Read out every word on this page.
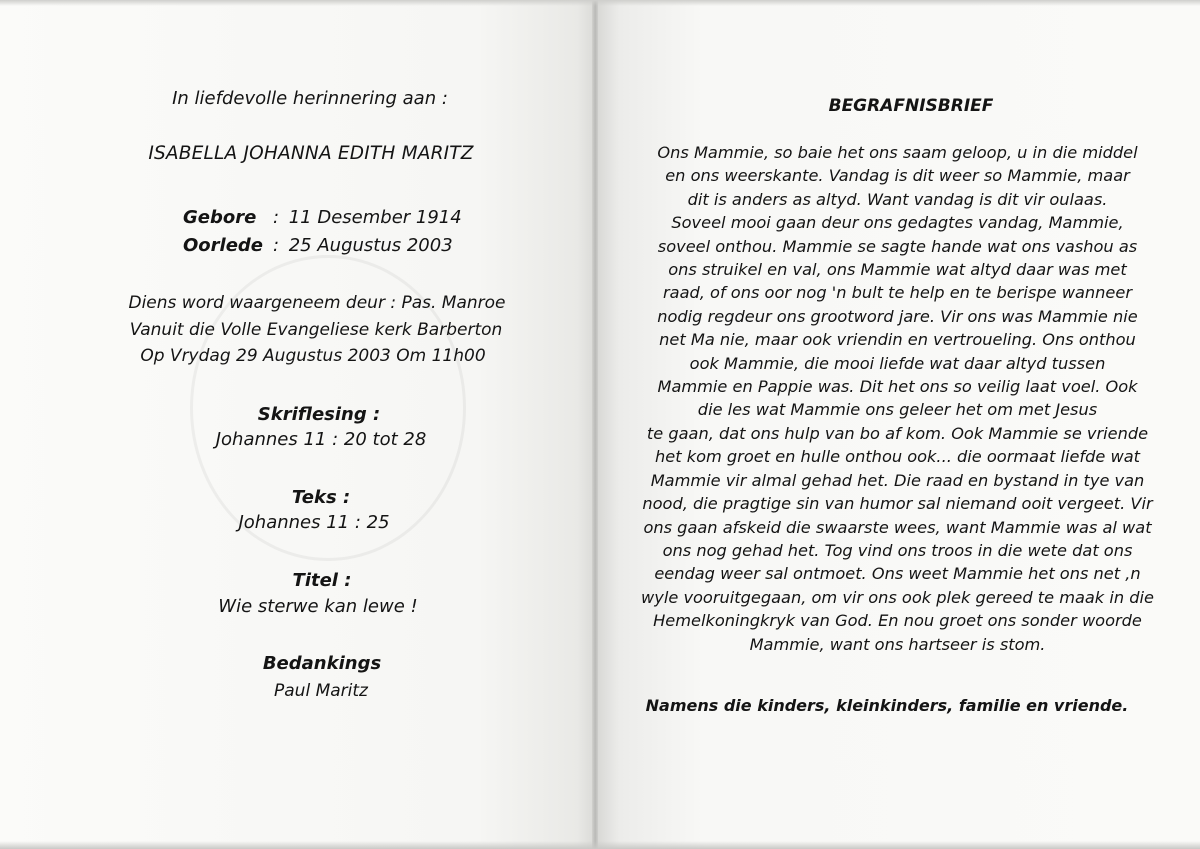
In liefdevolle herinnering aan :
ISABELLA JOHANNA EDITH MARITZ
Gebore : 11 Desember 1914
Oorlede : 25 Augustus 2003
Diens word waargeneem deur : Pas. Manroe
Vanuit die Volle Evangeliese kerk Barberton
Op Vrydag 29 Augustus 2003 Om 11h00
Skriflesing :
Johannes 11 : 20 tot 28
Teks :
Johannes 11 : 25
Titel :
Wie sterwe kan lewe !
Bedankings
Paul Maritz
BEGRAFNISBRIEF
Ons Mammie, so baie het ons saam geloop, u in die middel
en ons weerskante. Vandag is dit weer so Mammie, maar
dit is anders as altyd. Want vandag is dit vir oulaas.
Soveel mooi gaan deur ons gedagtes vandag, Mammie,
soveel onthou. Mammie se sagte hande wat ons vashou as
ons struikel en val, ons Mammie wat altyd daar was met
raad, of ons oor nog 'n bult te help en te berispe wanneer
nodig regdeur ons grootword jare. Vir ons was Mammie nie
net Ma nie, maar ook vriendin en vertroueling. Ons onthou
ook Mammie, die mooi liefde wat daar altyd tussen
Mammie en Pappie was. Dit het ons so veilig laat voel. Ook
die les wat Mammie ons geleer het om met Jesus
te gaan, dat ons hulp van bo af kom. Ook Mammie se vriende
het kom groet en hulle onthou ook... die oormaat liefde wat
Mammie vir almal gehad het. Die raad en bystand in tye van
nood, die pragtige sin van humor sal niemand ooit vergeet. Vir
ons gaan afskeid die swaarste wees, want Mammie was al wat
ons nog gehad het. Tog vind ons troos in die wete dat ons
eendag weer sal ontmoet. Ons weet Mammie het ons net ,n
wyle vooruitgegaan, om vir ons ook plek gereed te maak in die
Hemelkoningkryk van God. En nou groet ons sonder woorde
Mammie, want ons hartseer is stom.
Namens die kinders, kleinkinders, familie en vriende.
